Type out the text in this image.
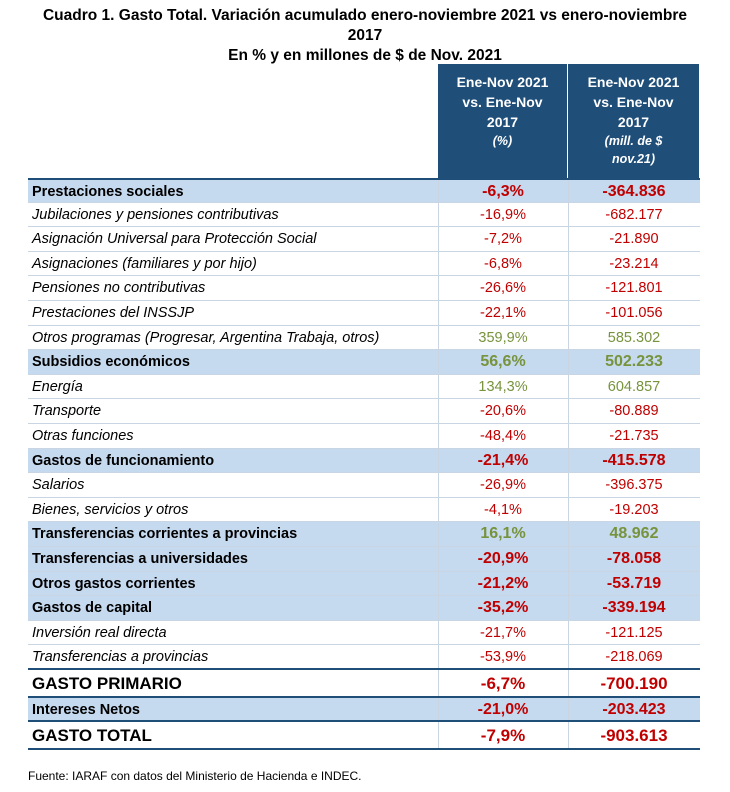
Cuadro 1. Gasto Total. Variación acumulado enero-noviembre 2021 vs enero-noviembre
2017
En % y en millones de $ de Nov. 2021
Ene-Nov 2021
vs. Ene-Nov
2017
(%)
Ene-Nov 2021
vs. Ene-Nov
2017
(mill. de $
nov.21)
Prestaciones sociales	-6,3%	-364.836
Jubilaciones y pensiones contributivas	-16,9%	-682.177
Asignación Universal para Protección Social	-7,2%	-21.890
Asignaciones (familiares y por hijo)	-6,8%	-23.214
Pensiones no contributivas	-26,6%	-121.801
Prestaciones del INSSJP	-22,1%	-101.056
Otros programas (Progresar, Argentina Trabaja, otros)	359,9%	585.302
Subsidios económicos	56,6%	502.233
Energía	134,3%	604.857
Transporte	-20,6%	-80.889
Otras funciones	-48,4%	-21.735
Gastos de funcionamiento	-21,4%	-415.578
Salarios	-26,9%	-396.375
Bienes, servicios y otros	-4,1%	-19.203
Transferencias corrientes a provincias	16,1%	48.962
Transferencias a universidades	-20,9%	-78.058
Otros gastos corrientes	-21,2%	-53.719
Gastos de capital	-35,2%	-339.194
Inversión real directa	-21,7%	-121.125
Transferencias a provincias	-53,9%	-218.069
GASTO PRIMARIO	-6,7%	-700.190
Intereses Netos	-21,0%	-203.423
GASTO TOTAL	-7,9%	-903.613
Fuente: IARAF con datos del Ministerio de Hacienda e INDEC.
